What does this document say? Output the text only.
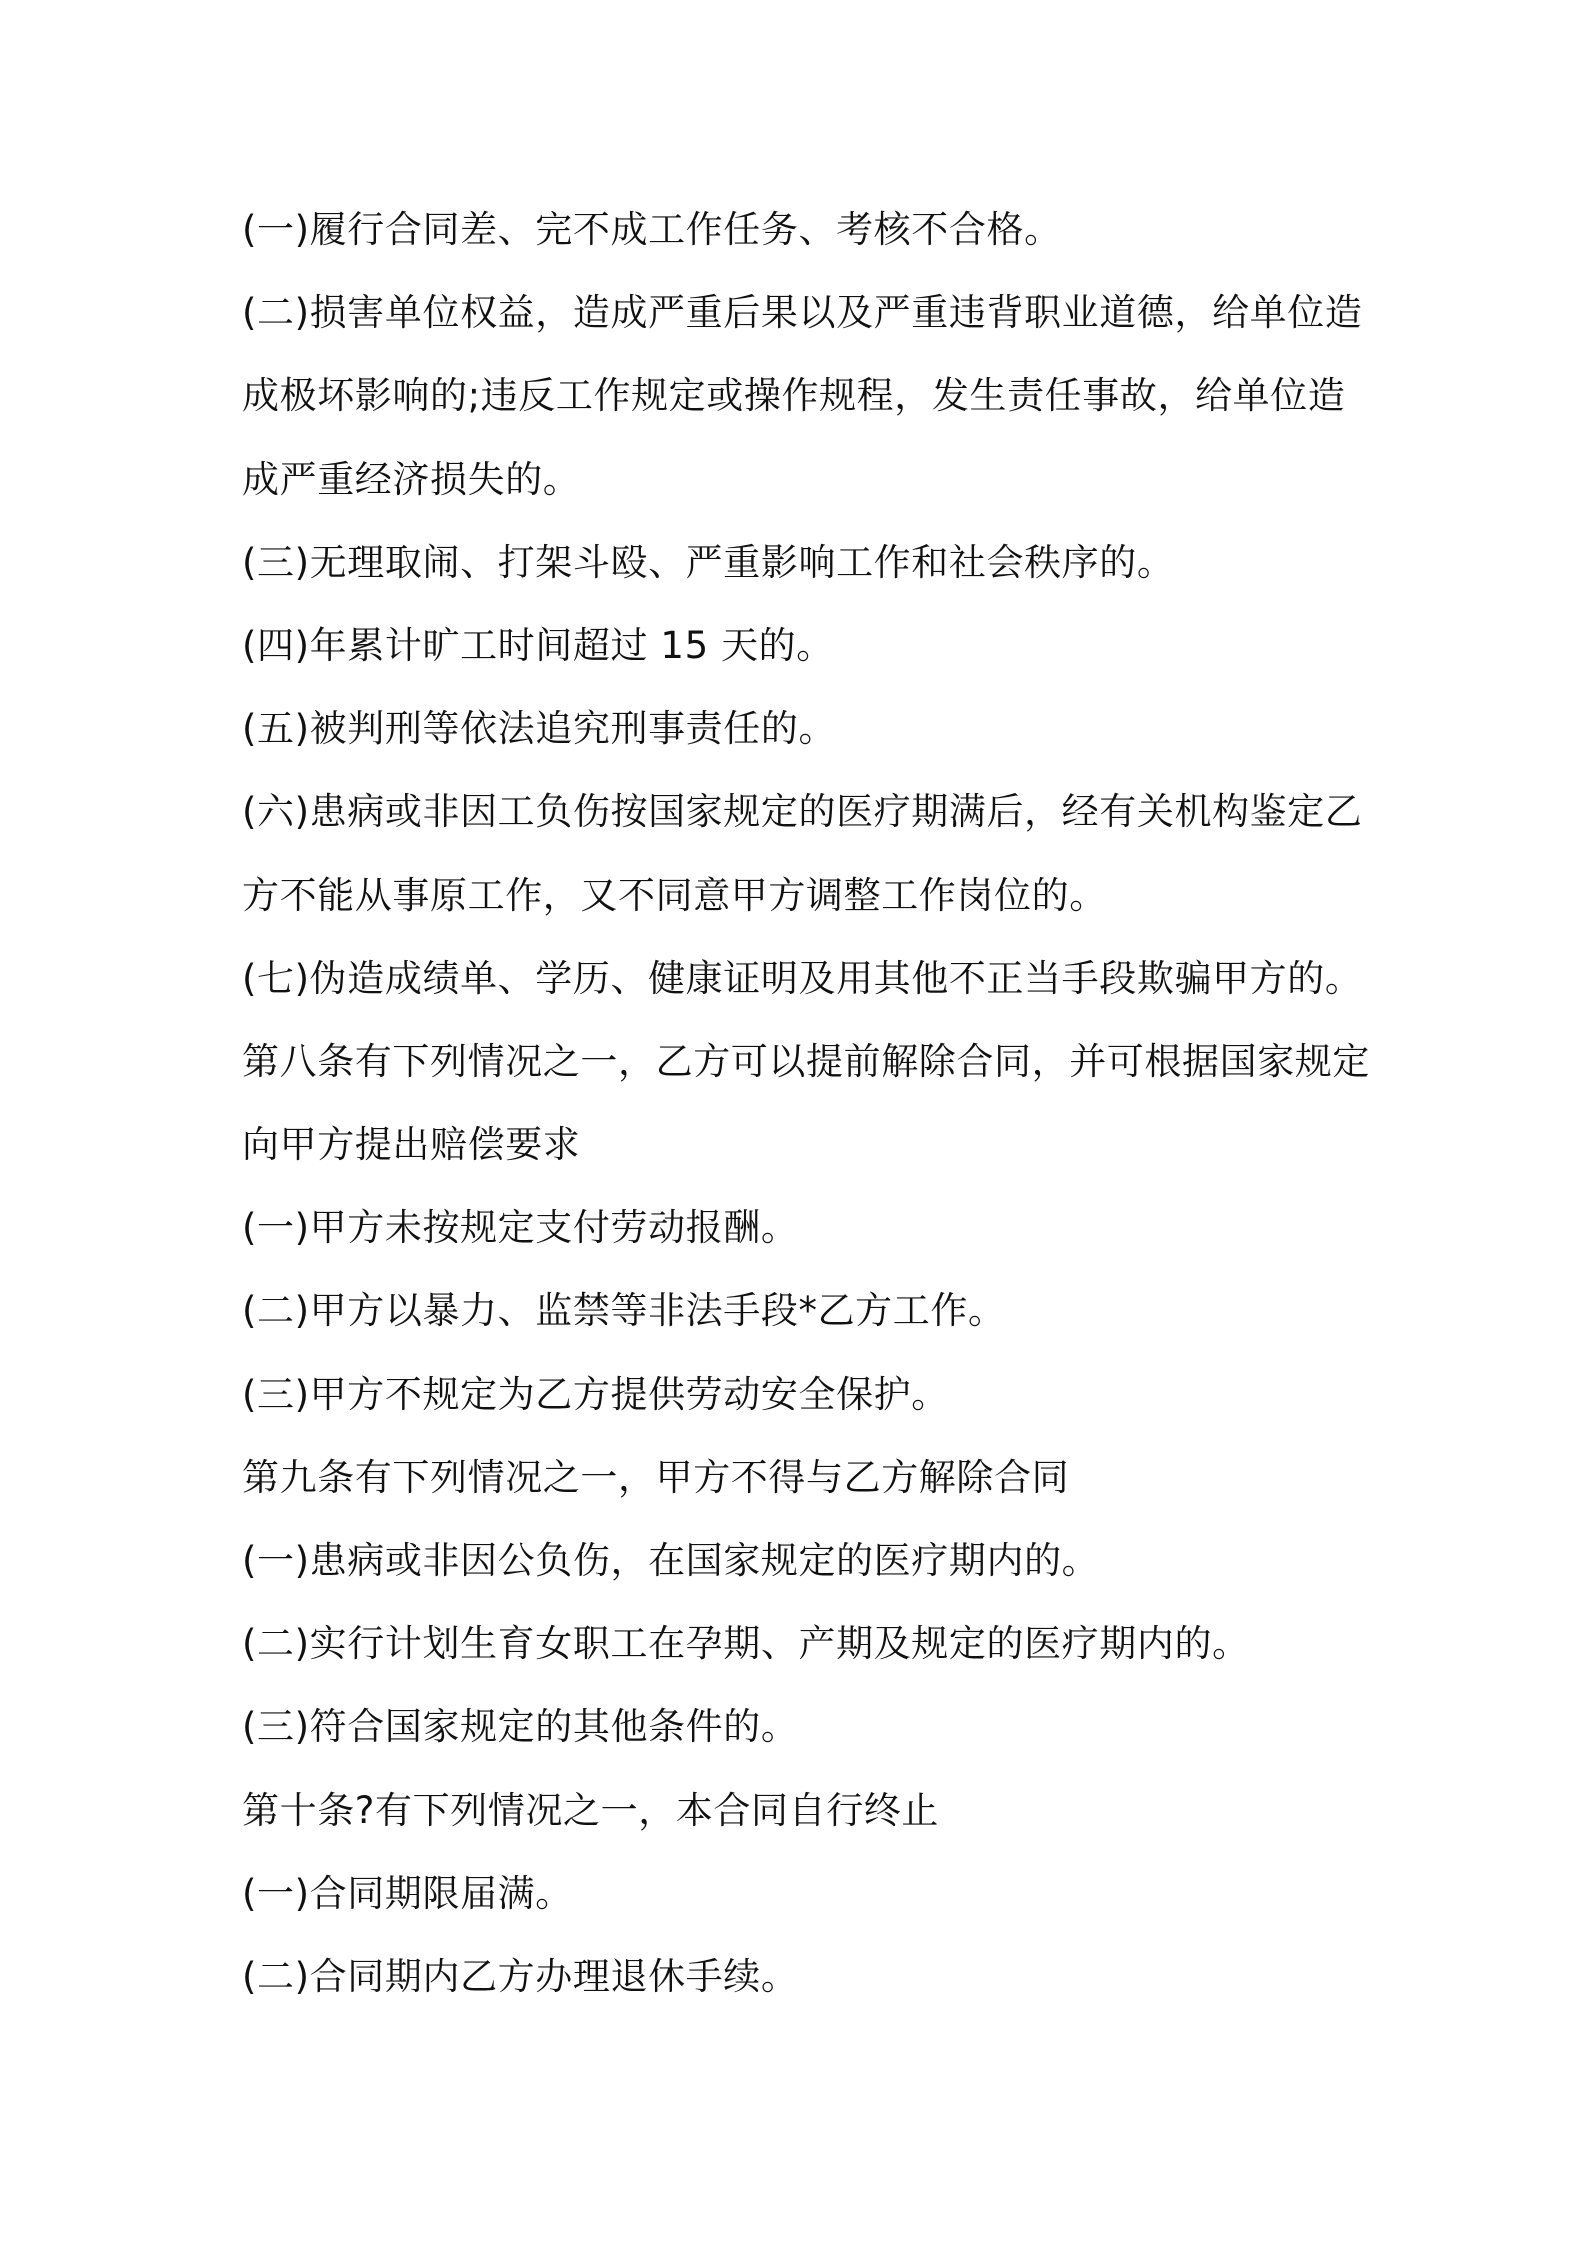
(一)履行合同差、完不成工作任务、考核不合格。
(二)损害单位权益，造成严重后果以及严重违背职业道德，给单位造
成极坏影响的;违反工作规定或操作规程，发生责任事故，给单位造
成严重经济损失的。
(三)无理取闹、打架斗殴、严重影响工作和社会秩序的。
(四)年累计旷工时间超过 15 天的。
(五)被判刑等依法追究刑事责任的。
(六)患病或非因工负伤按国家规定的医疗期满后，经有关机构鉴定乙
方不能从事原工作，又不同意甲方调整工作岗位的。
(七)伪造成绩单、学历、健康证明及用其他不正当手段欺骗甲方的。
第八条有下列情况之一，乙方可以提前解除合同，并可根据国家规定
向甲方提出赔偿要求
(一)甲方未按规定支付劳动报酬。
(二)甲方以暴力、监禁等非法手段*乙方工作。
(三)甲方不规定为乙方提供劳动安全保护。
第九条有下列情况之一，甲方不得与乙方解除合同
(一)患病或非因公负伤，在国家规定的医疗期内的。
(二)实行计划生育女职工在孕期、产期及规定的医疗期内的。
(三)符合国家规定的其他条件的。
第十条?有下列情况之一，本合同自行终止
(一)合同期限届满。
(二)合同期内乙方办理退休手续。
